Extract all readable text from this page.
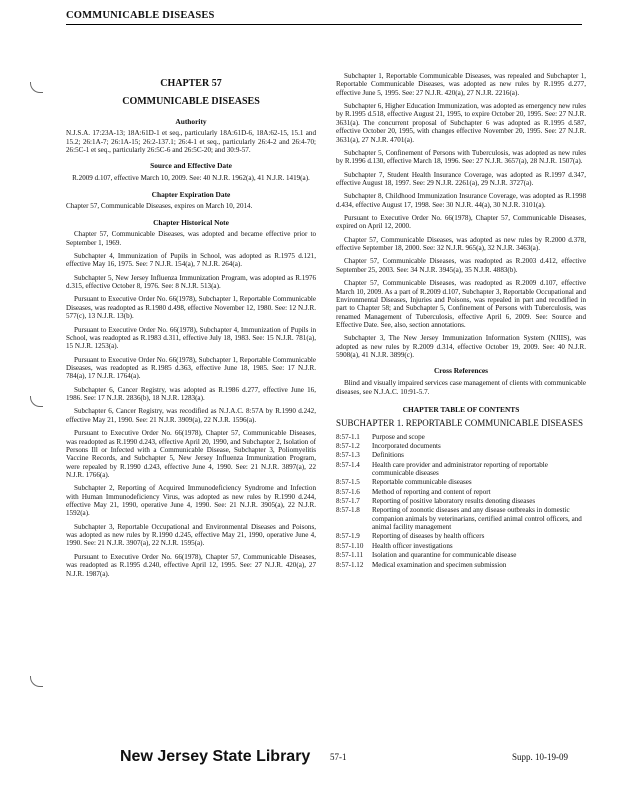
COMMUNICABLE DISEASES
CHAPTER 57
COMMUNICABLE DISEASES
Authority
N.J.S.A. 17:23A-13; 18A:61D-1 et seq., particularly 18A:61D-6, 18A:62-15, 15.1 and 15.2; 26:1A-7; 26:1A-15; 26:2-137.1; 26:4-1 et seq., particularly 26:4-2 and 26:4-70; 26:5C-1 et seq., particularly 26:5C-6 and 26:5C-20; and 30:9-57.
Source and Effective Date
R.2009 d.107, effective March 10, 2009. See: 40 N.J.R. 1962(a), 41 N.J.R. 1419(a).
Chapter Expiration Date
Chapter 57, Communicable Diseases, expires on March 10, 2014.
Chapter Historical Note
Chapter 57, Communicable Diseases, was adopted and became effective prior to September 1, 1969.
Subchapter 4, Immunization of Pupils in School, was adopted as R.1975 d.121, effective May 16, 1975. See: 7 N.J.R. 154(a), 7 N.J.R. 264(a).
Subchapter 5, New Jersey Influenza Immunization Program, was adopted as R.1976 d.315, effective October 8, 1976. See: 8 N.J.R. 513(a).
Pursuant to Executive Order No. 66(1978), Subchapter 1, Reportable Communicable Diseases, was readopted as R.1980 d.498, effective November 12, 1980. See: 12 N.J.R. 577(c), 13 N.J.R. 13(b).
Pursuant to Executive Order No. 66(1978), Subchapter 4, Immunization of Pupils in School, was readopted as R.1983 d.311, effective July 18, 1983. See: 15 N.J.R. 781(a), 15 N.J.R. 1253(a).
Pursuant to Executive Order No. 66(1978), Subchapter 1, Reportable Communicable Diseases, was readopted as R.1985 d.363, effective June 18, 1985. See: 17 N.J.R. 784(a), 17 N.J.R. 1764(a).
Subchapter 6, Cancer Registry, was adopted as R.1986 d.277, effective June 16, 1986. See: 17 N.J.R. 2836(b), 18 N.J.R. 1283(a).
Subchapter 6, Cancer Registry, was recodified as N.J.A.C. 8:57A by R.1990 d.242, effective May 21, 1990. See: 21 N.J.R. 3909(a), 22 N.J.R. 1596(a).
Pursuant to Executive Order No. 66(1978), Chapter 57, Communicable Diseases, was readopted as R.1990 d.243, effective April 20, 1990, and Subchapter 2, Isolation of Persons Ill or Infected with a Communicable Disease, Subchapter 3, Poliomyelitis Vaccine Records, and Subchapter 5, New Jersey Influenza Immunization Program, were repealed by R.1990 d.243, effective June 4, 1990. See: 21 N.J.R. 3897(a), 22 N.J.R. 1766(a).
Subchapter 2, Reporting of Acquired Immunodeficiency Syndrome and Infection with Human Immunodeficiency Virus, was adopted as new rules by R.1990 d.244, effective May 21, 1990, operative June 4, 1990. See: 21 N.J.R. 3905(a), 22 N.J.R. 1592(a).
Subchapter 3, Reportable Occupational and Environmental Diseases and Poisons, was adopted as new rules by R.1990 d.245, effective May 21, 1990, operative June 4, 1990. See: 21 N.J.R. 3907(a), 22 N.J.R. 1595(a).
Pursuant to Executive Order No. 66(1978), Chapter 57, Communicable Diseases, was readopted as R.1995 d.240, effective April 12, 1995. See: 27 N.J.R. 420(a), 27 N.J.R. 1987(a).
Subchapter 1, Reportable Communicable Diseases, was repealed and Subchapter 1, Reportable Communicable Diseases, was adopted as new rules by R.1995 d.277, effective June 5, 1995. See: 27 N.J.R. 420(a), 27 N.J.R. 2216(a).
Subchapter 6, Higher Education Immunization, was adopted as emergency new rules by R.1995 d.518, effective August 21, 1995, to expire October 20, 1995. See: 27 N.J.R. 3631(a). The concurrent proposal of Subchapter 6 was adopted as R.1995 d.587, effective October 20, 1995, with changes effective November 20, 1995. See: 27 N.J.R. 3631(a), 27 N.J.R. 4701(a).
Subchapter 5, Confinement of Persons with Tuberculosis, was adopted as new rules by R.1996 d.130, effective March 18, 1996. See: 27 N.J.R. 3657(a), 28 N.J.R. 1507(a).
Subchapter 7, Student Health Insurance Coverage, was adopted as R.1997 d.347, effective August 18, 1997. See: 29 N.J.R. 2261(a), 29 N.J.R. 3727(a).
Subchapter 8, Childhood Immunization Insurance Coverage, was adopted as R.1998 d.434, effective August 17, 1998. See: 30 N.J.R. 44(a), 30 N.J.R. 3101(a).
Pursuant to Executive Order No. 66(1978), Chapter 57, Communicable Diseases, expired on April 12, 2000.
Chapter 57, Communicable Diseases, was adopted as new rules by R.2000 d.378, effective September 18, 2000. See: 32 N.J.R. 965(a), 32 N.J.R. 3463(a).
Chapter 57, Communicable Diseases, was readopted as R.2003 d.412, effective September 25, 2003. See: 34 N.J.R. 3945(a), 35 N.J.R. 4883(b).
Chapter 57, Communicable Diseases, was readopted as R.2009 d.107, effective March 10, 2009. As a part of R.2009 d.107, Subchapter 3, Reportable Occupational and Environmental Diseases, Injuries and Poisons, was repealed in part and recodified in part to Chapter 58; and Subchapter 5, Confinement of Persons with Tuberculosis, was renamed Management of Tuberculosis, effective April 6, 2009. See: Source and Effective Date. See, also, section annotations.
Subchapter 3, The New Jersey Immunization Information System (NJIIS), was adopted as new rules by R.2009 d.314, effective October 19, 2009. See: 40 N.J.R. 5908(a), 41 N.J.R. 3899(c).
Cross References
Blind and visually impaired services case management of clients with communicable diseases, see N.J.A.C. 10:91-5.7.
CHAPTER TABLE OF CONTENTS
SUBCHAPTER 1. REPORTABLE COMMUNICABLE DISEASES
8:57-1.1	Purpose and scope
8:57-1.2	Incorporated documents
8:57-1.3	Definitions
8:57-1.4	Health care provider and administrator reporting of reportable communicable diseases
8:57-1.5	Reportable communicable diseases
8:57-1.6	Method of reporting and content of report
8:57-1.7	Reporting of positive laboratory results denoting diseases
8:57-1.8	Reporting of zoonotic diseases and any disease outbreaks in domestic companion animals by veterinarians, certified animal control officers, and animal facility management
8:57-1.9	Reporting of diseases by health officers
8:57-1.10	Health officer investigations
8:57-1.11	Isolation and quarantine for communicable disease
8:57-1.12	Medical examination and specimen submission
New Jersey State Library 57-1	Supp. 10-19-09
